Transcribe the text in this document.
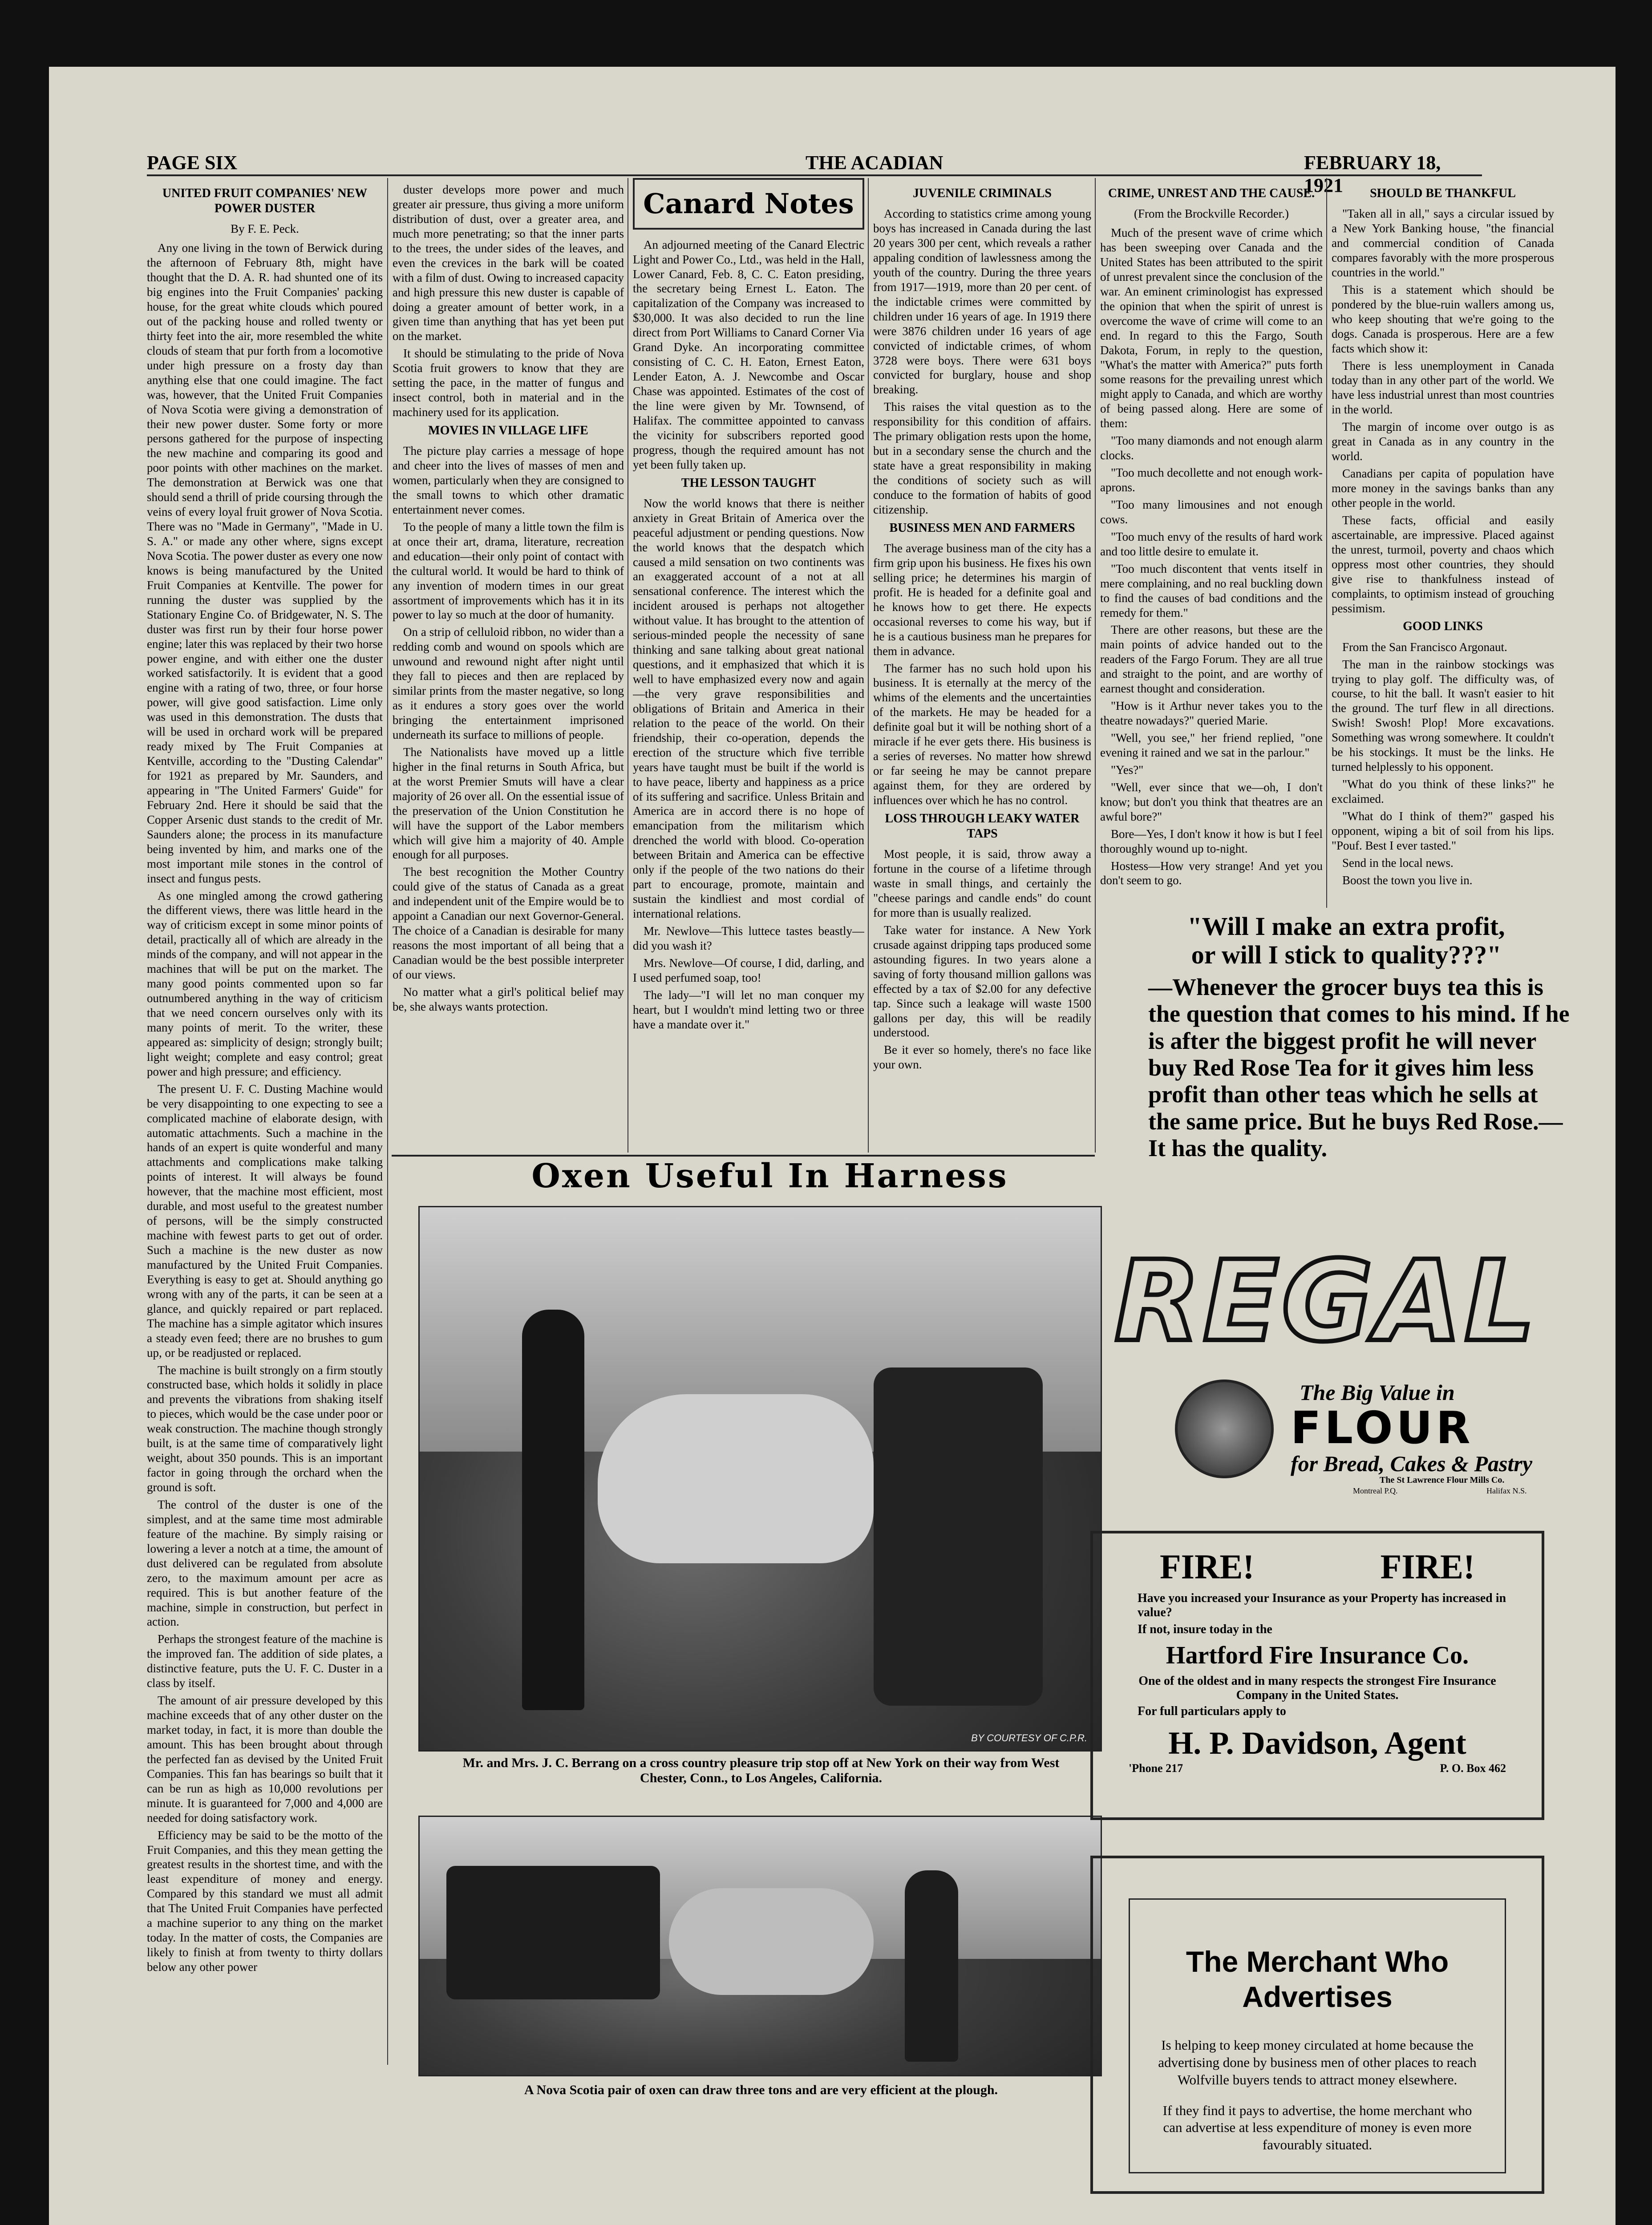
PAGE SIX	THE ACADIAN	FEBRUARY 18, 1921
UNITED FRUIT COMPANIES' NEW POWER DUSTER
By F. E. Peck.

Any one living in the town of Berwick during the afternoon of February 8th, might have thought that the D. A. R. had shunted one of its big engines into the Fruit Companies' packing house, for the great white clouds which poured out of the packing house and rolled twenty or thirty feet into the air, more resembled the white clouds of steam that pur forth from a locomotive under high pressure on a frosty day than anything else that one could imagine. The fact was, however, that the United Fruit Companies of Nova Scotia were giving a demonstration of their new power duster. Some forty or more persons gathered for the purpose of inspecting the new machine and comparing its good and poor points with other machines on the market. The demonstration at Berwick was one that should send a thrill of pride coursing through the veins of every loyal fruit grower of Nova Scotia. There was no "Made in Germany", "Made in U. S. A." or made any other where, signs except Nova Scotia. The power duster as every one now knows is being manufactured by the United Fruit Companies at Kentville. The power for running the duster was supplied by the Stationary Engine Co. of Bridgewater, N. S. The duster was first run by their four horse power engine; later this was replaced by their two horse power engine, and with either one the duster worked satisfactorily. It is evident that a good engine with a rating of two, three, or four horse power, will give good satisfaction. Lime only was used in this demonstration. The dusts that will be used in orchard work will be prepared ready mixed by The Fruit Companies at Kentville, according to the "Dusting Calendar" for 1921 as prepared by Mr. Saunders, and appearing in "The United Farmers' Guide" for February 2nd. Here it should be said that the Copper Arsenic dust stands to the credit of Mr. Saunders alone; the process in its manufacture being invented by him, and marks one of the most important mile stones in the control of insect and fungus pests.

As one mingled among the crowd gathering the different views, there was little heard in the way of criticism except in some minor points of detail, practically all of which are already in the minds of the company, and will not appear in the machines that will be put on the market. The many good points commented upon so far outnumbered anything in the way of criticism that we need concern ourselves only with its many points of merit. To the writer, these appeared as: simplicity of design; strongly built; light weight; complete and easy control; great power and high pressure; and efficiency.

The present U. F. C. Dusting Machine would be very disappointing to one expecting to see a complicated machine of elaborate design, with automatic attachments. Such a machine in the hands of an expert is quite wonderful and many attachments and complications make talking points of interest. It will always be found however, that the machine most efficient, most durable, and most useful to the greatest number of persons, will be the simply constructed machine with fewest parts to get out of order. Such a machine is the new duster as now manufactured by the United Fruit Companies. Everything is easy to get at. Should anything go wrong with any of the parts, it can be seen at a glance, and quickly repaired or part replaced. The machine has a simple agitator which insures a steady even feed; there are no brushes to gum up, or be readjusted or replaced.

The machine is built strongly on a firm stoutly constructed base, which holds it solidly in place and prevents the vibrations from shaking itself to pieces, which would be the case under poor or weak construction. The machine though strongly built, is at the same time of comparatively light weight, about 350 pounds. This is an important factor in going through the orchard when the ground is soft.

The control of the duster is one of the simplest, and at the same time most admirable feature of the machine. By simply raising or lowering a lever a notch at a time, the amount of dust delivered can be regulated from absolute zero, to the maximum amount per acre as required. This is but another feature of the machine, simple in construction, but perfect in action.

Perhaps the strongest feature of the machine is the improved fan. The addition of side plates, a distinctive feature, puts the U. F. C. Duster in a class by itself.

The amount of air pressure developed by this machine exceeds that of any other duster on the market today, in fact, it is more than double the amount. This has been brought about through the perfected fan as devised by the United Fruit Companies. This fan has bearings so built that it can be run as high as 10,000 revolutions per minute. It is guaranteed for 7,000 and 4,000 are needed for doing satisfactory work.

Efficiency may be said to be the motto of the Fruit Companies, and this they mean getting the greatest results in the shortest time, and with the least expenditure of money and energy. Compared by this standard we must all admit that The United Fruit Companies have perfected a machine superior to any thing on the market today. In the matter of costs, the Companies are likely to finish at from twenty to thirty dollars below any other power

duster develops more power and much greater air pressure, thus giving a more uniform distribution of dust, over a greater area, and much more penetrating; so that the inner parts to the trees, the under sides of the leaves, and even the crevices in the bark will be coated with a film of dust. Owing to increased capacity and high pressure this new duster is capable of doing a greater amount of better work, in a given time than anything that has yet been put on the market.

It should be stimulating to the pride of Nova Scotia fruit growers to know that they are setting the pace, in the matter of fungus and insect control, both in material and in the machinery used for its application.

MOVIES IN VILLAGE LIFE

The picture play carries a message of hope and cheer into the lives of masses of men and women, particularly when they are consigned to the small towns to which other dramatic entertainment never comes.

To the people of many a little town the film is at once their art, drama, literature, recreation and education—their only point of contact with the cultural world. It would be hard to think of any invention of modern times in our great assortment of improvements which has it in its power to lay so much at the door of humanity.

On a strip of celluloid ribbon, no wider than a redding comb and wound on spools which are unwound and rewound night after night until they fall to pieces and then are replaced by similar prints from the master negative, so long as it endures a story goes over the world bringing the entertainment imprisoned underneath its surface to millions of people.

The Nationalists have moved up a little higher in the final returns in South Africa, but at the worst Premier Smuts will have a clear majority of 26 over all. On the essential issue of the preservation of the Union Constitution he will have the support of the Labor members which will give him a majority of 40. Ample enough for all purposes.

The best recognition the Mother Country could give of the status of Canada as a great and independent unit of the Empire would be to appoint a Canadian our next Governor-General. The choice of a Canadian is desirable for many reasons the most important of all being that a Canadian would be the best possible interpreter of our views.

No matter what a girl's political belief may be, she always wants protection.

Canard Notes

An adjourned meeting of the Canard Electric Light and Power Co., Ltd., was held in the Hall, Lower Canard, Feb. 8, C. C. Eaton presiding, the secretary being Ernest L. Eaton. The capitalization of the Company was increased to $30,000. It was also decided to run the line direct from Port Williams to Canard Corner Via Grand Dyke. An incorporating committee consisting of C. C. H. Eaton, Ernest Eaton, Lender Eaton, A. J. Newcombe and Oscar Chase was appointed. Estimates of the cost of the line were given by Mr. Townsend, of Halifax. The committee appointed to canvass the vicinity for subscribers reported good progress, though the required amount has not yet been fully taken up.

THE LESSON TAUGHT

Now the world knows that there is neither anxiety in Great Britain of America over the peaceful adjustment or pending questions. Now the world knows that the despatch which caused a mild sensation on two continents was an exaggerated account of a not at all sensational conference. The interest which the incident aroused is perhaps not altogether without value. It has brought to the attention of serious-minded people the necessity of sane thinking and sane talking about great national questions, and it emphasized that which it is well to have emphasized every now and again—the very grave responsibilities and obligations of Britain and America in their relation to the peace of the world. On their friendship, their co-operation, depends the erection of the structure which five terrible years have taught must be built if the world is to have peace, liberty and happiness as a price of its suffering and sacrifice. Unless Britain and America are in accord there is no hope of emancipation from the militarism which drenched the world with blood. Co-operation between Britain and America can be effective only if the people of the two nations do their part to encourage, promote, maintain and sustain the kindliest and most cordial of international relations.

Mr. Newlove—This luttece tastes beastly—did you wash it?

Mrs. Newlove—Of course, I did, darling, and I used perfumed soap, too!

The lady—"I will let no man conquer my heart, but I wouldn't mind letting two or three have a mandate over it."

JUVENILE CRIMINALS

According to statistics crime among young boys has increased in Canada during the last 20 years 300 per cent, which reveals a rather appaling condition of lawlessness among the youth of the country. During the three years from 1917—1919, more than 20 per cent. of the indictable crimes were committed by children under 16 years of age. In 1919 there were 3876 children under 16 years of age convicted of indictable crimes, of whom 3728 were boys. There were 631 boys convicted for burglary, house and shop breaking.

This raises the vital question as to the responsibility for this condition of affairs. The primary obligation rests upon the home, but in a secondary sense the church and the state have a great responsibility in making the conditions of society such as will conduce to the formation of habits of good citizenship.

BUSINESS MEN AND FARMERS

The average business man of the city has a firm grip upon his business. He fixes his own selling price; he determines his margin of profit. He is headed for a definite goal and he knows how to get there. He expects occasional reverses to come his way, but if he is a cautious business man he prepares for them in advance.

The farmer has no such hold upon his business. It is eternally at the mercy of the whims of the elements and the uncertainties of the markets. He may be headed for a definite goal but it will be nothing short of a miracle if he ever gets there. His business is a series of reverses. No matter how shrewd or far seeing he may be cannot prepare against them, for they are ordered by influences over which he has no control.

LOSS THROUGH LEAKY WATER TAPS

Most people, it is said, throw away a fortune in the course of a lifetime through waste in small things, and certainly the "cheese parings and candle ends" do count for more than is usually realized.

Take water for instance. A New York crusade against dripping taps produced some astounding figures. In two years alone a saving of forty thousand million gallons was effected by a tax of $2.00 for any defective tap. Since such a leakage will waste 1500 gallons per day, this will be readily understood.

Be it ever so homely, there's no face like your own.

CRIME, UNREST AND THE CAUSE.
(From the Brockville Recorder.)

Much of the present wave of crime which has been sweeping over Canada and the United States has been attributed to the spirit of unrest prevalent since the conclusion of the war. An eminent criminologist has expressed the opinion that when the spirit of unrest is overcome the wave of crime will come to an end. In regard to this the Fargo, South Dakota, Forum, in reply to the question, "What's the matter with America?" puts forth some reasons for the prevailing unrest which might apply to Canada, and which are worthy of being passed along. Here are some of them:

"Too many diamonds and not enough alarm clocks.

"Too much decollette and not enough work-aprons.

"Too many limousines and not enough cows.

"Too much envy of the results of hard work and too little desire to emulate it.

"Too much discontent that vents itself in mere complaining, and no real buckling down to find the causes of bad conditions and the remedy for them."

There are other reasons, but these are the main points of advice handed out to the readers of the Fargo Forum. They are all true and straight to the point, and are worthy of earnest thought and consideration.

"How is it Arthur never takes you to the theatre nowadays?" queried Marie.

"Well, you see," her friend replied, "one evening it rained and we sat in the parlour."

"Yes?"

"Well, ever since that we—oh, I don't know; but don't you think that theatres are an awful bore?"

Bore—Yes, I don't know it how is but I feel thoroughly wound up to-night.

Hostess—How very strange! And yet you don't seem to go.

SHOULD BE THANKFUL

"Taken all in all," says a circular issued by a New York Banking house, "the financial and commercial condition of Canada compares favorably with the more prosperous countries in the world."

This is a statement which should be pondered by the blue-ruin wallers among us, who keep shouting that we're going to the dogs. Canada is prosperous. Here are a few facts which show it:

There is less unemployment in Canada today than in any other part of the world. We have less industrial unrest than most countries in the world.

The margin of income over outgo is as great in Canada as in any country in the world.

Canadians per capita of population have more money in the savings banks than any other people in the world.

These facts, official and easily ascertainable, are impressive. Placed against the unrest, turmoil, poverty and chaos which oppress most other countries, they should give rise to thankfulness instead of complaints, to optimism instead of grouching pessimism.

GOOD LINKS

From the San Francisco Argonaut.

The man in the rainbow stockings was trying to play golf. The difficulty was, of course, to hit the ball. It wasn't easier to hit the ground. The turf flew in all directions. Swish! Swosh! Plop! More excavations. Something was wrong somewhere. It couldn't be his stockings. It must be the links. He turned helplessly to his opponent.

"What do you think of these links?" he exclaimed.

"What do I think of them?" gasped his opponent, wiping a bit of soil from his lips. "Pouf. Best I ever tasted."

Send in the local news.

Boost the town you live in.

Oxen Useful In Harness
BY COURTESY OF C.P.R.
Mr. and Mrs. J. C. Berrang on a cross country pleasure trip stop off at New York on their way from West Chester, Conn., to Los Angeles, California.
A Nova Scotia pair of oxen can draw three tons and are very efficient at the plough.
"Will I make an extra profit,
or will I stick to quality???"
—Whenever the grocer buys tea this is the question that comes to his mind. If he is after the biggest profit he will never buy Red Rose Tea for it gives him less profit than other teas which he sells at the same price. But he buys Red Rose.—It has the quality.
REGAL
The Big Value in
FLOUR
for Bread, Cakes & Pastry
The St Lawrence Flour Mills Co.
Montreal P.Q.	Halifax N.S.
FIRE!	FIRE!
Have you increased your Insurance as your Property has increased in value?
If not, insure today in the
Hartford Fire Insurance Co.
One of the oldest and in many respects the strongest Fire Insurance Company in the United States.
For full particulars apply to
H. P. Davidson, Agent
'Phone 217	P. O. Box 462
The Merchant Who
Advertises
Is helping to keep money circulated at home because the advertising done by business men of other places to reach Wolfville buyers tends to attract money elsewhere.
If they find it pays to advertise, the home merchant who can advertise at less expenditure of money is even more favourably situated.
